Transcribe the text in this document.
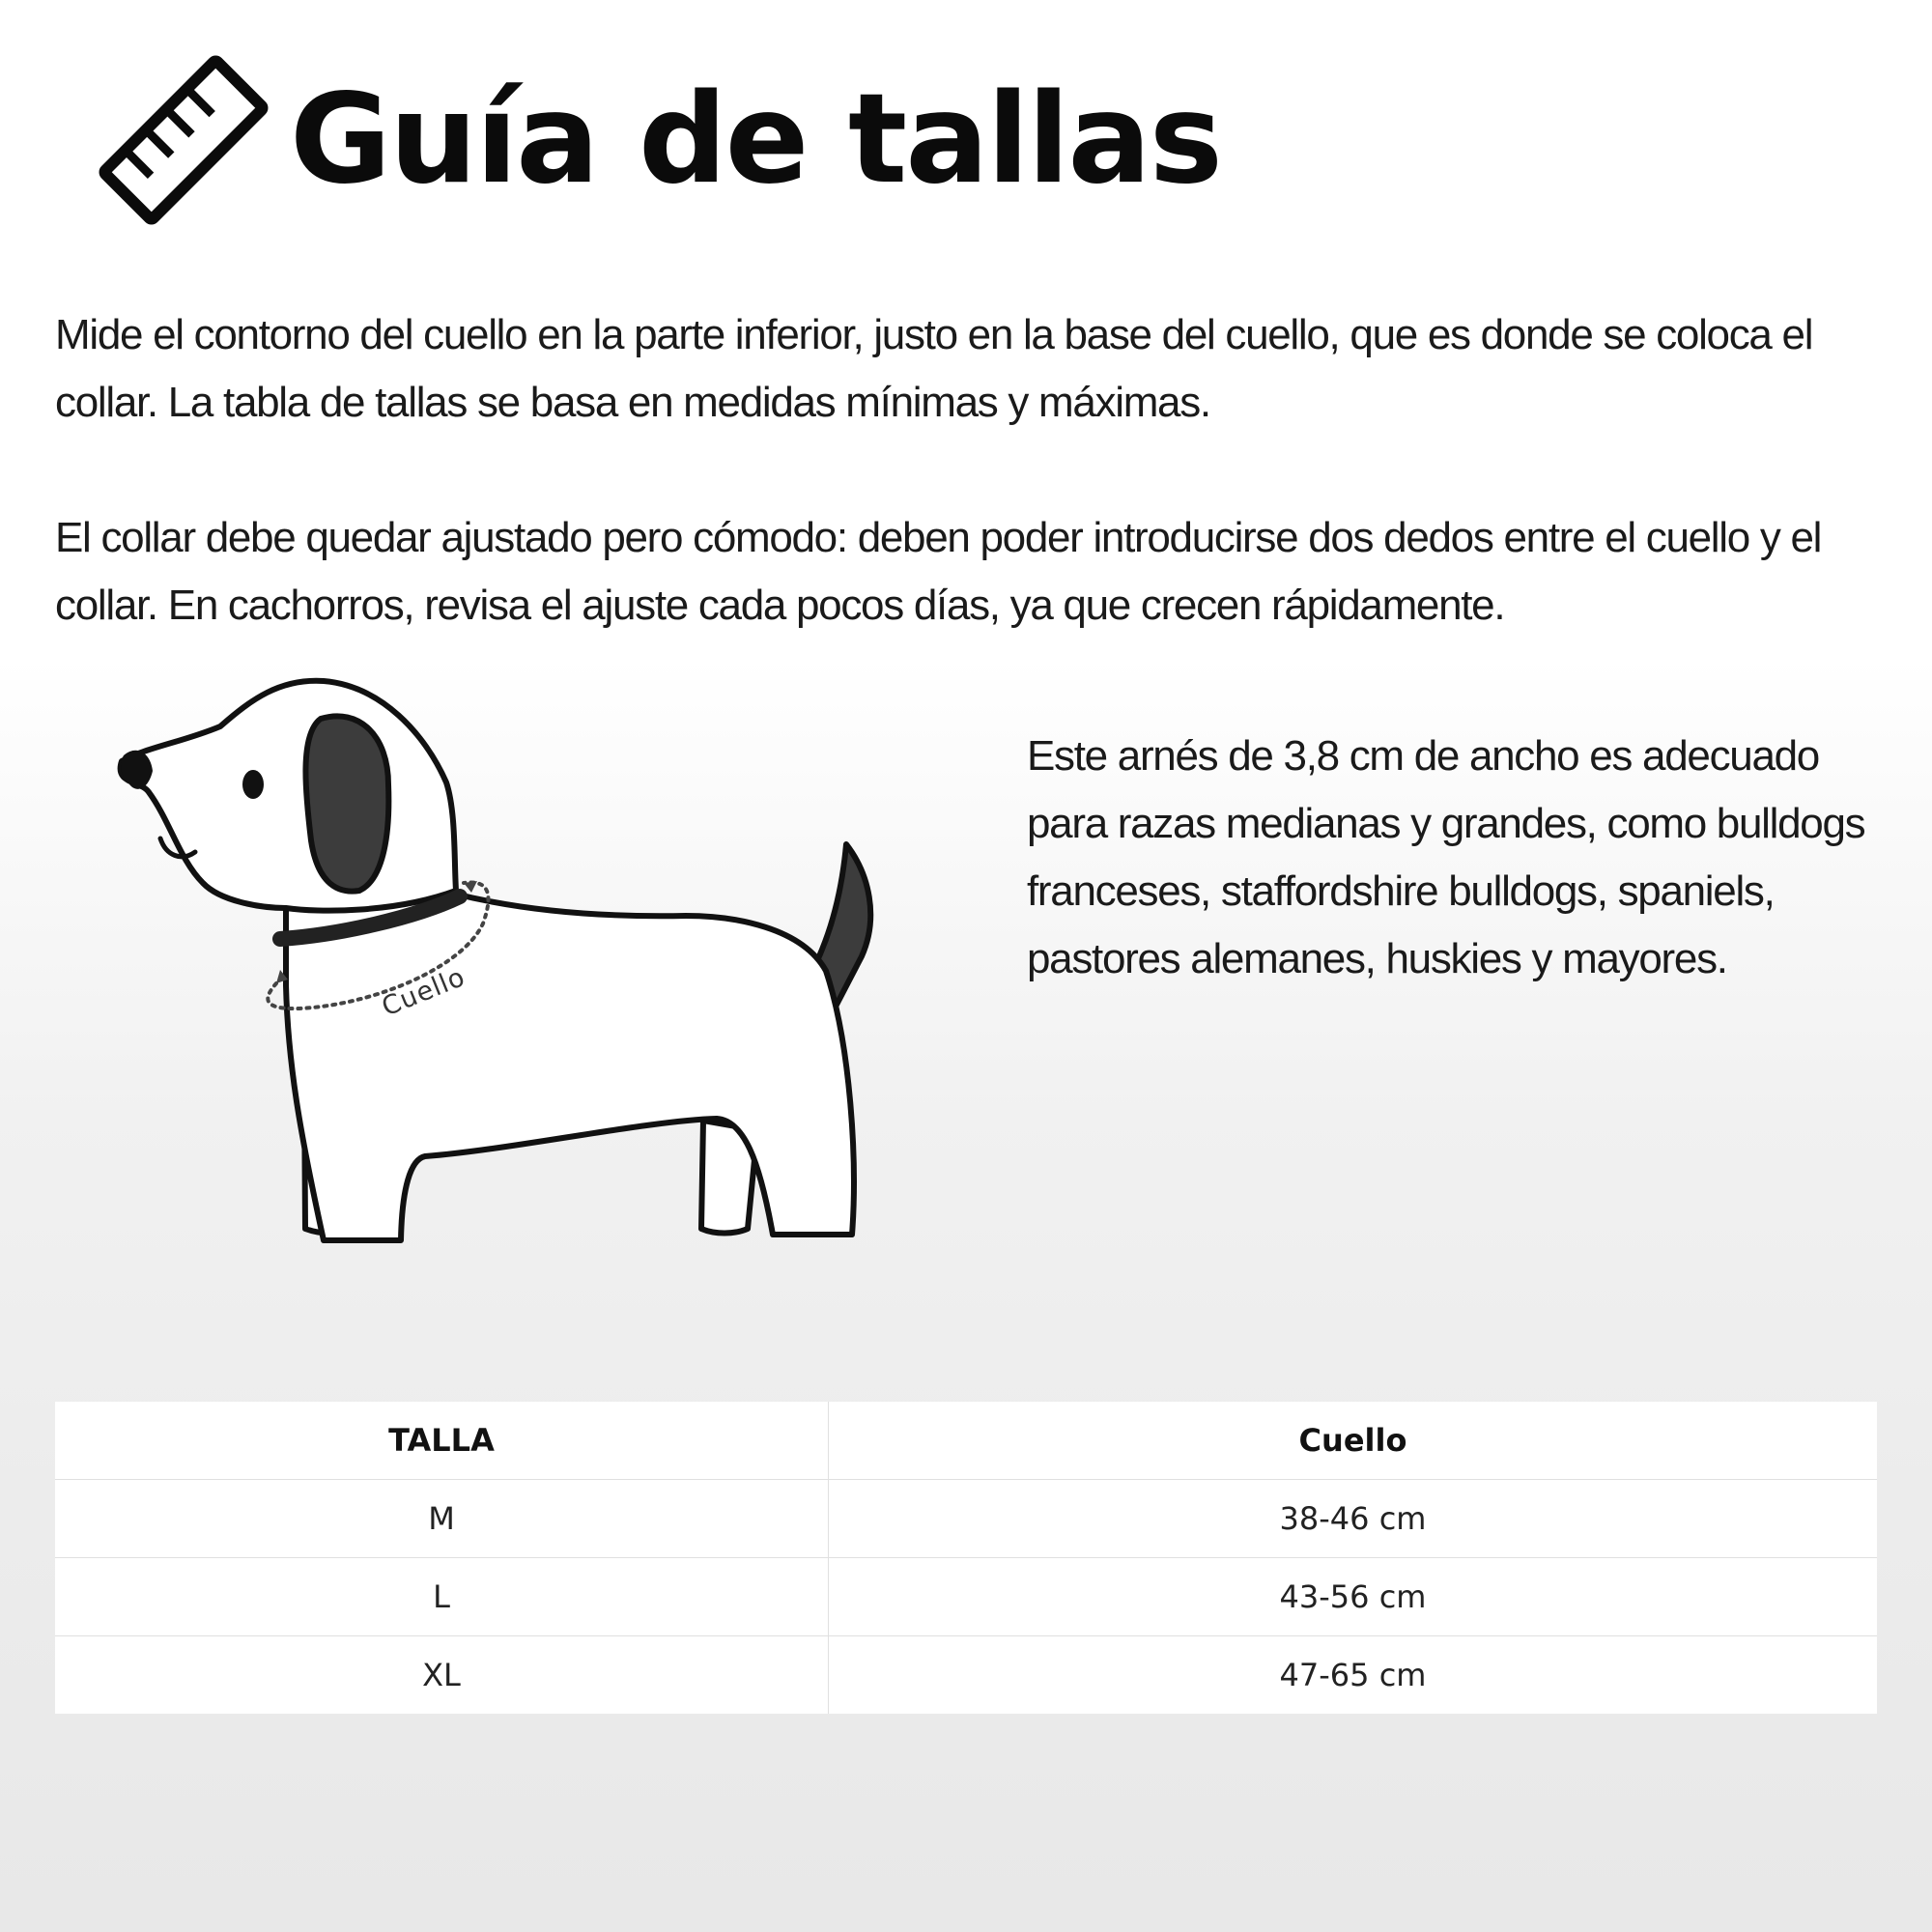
Guía de tallas

Mide el contorno del cuello en la parte inferior, justo en la base del cuello, que es donde se coloca el collar. La tabla de tallas se basa en medidas mínimas y máximas.

El collar debe quedar ajustado pero cómodo: deben poder introducirse dos dedos entre el cuello y el collar. En cachorros, revisa el ajuste cada pocos días, ya que crecen rápidamente.

Cuello

Este arnés de 3,8 cm de ancho es adecuado para razas medianas y grandes, como bulldogs franceses, staffordshire bulldogs, spaniels, pastores alemanes, huskies y mayores.

TALLA	Cuello
M	38-46 cm
L	43-56 cm
XL	47-65 cm
